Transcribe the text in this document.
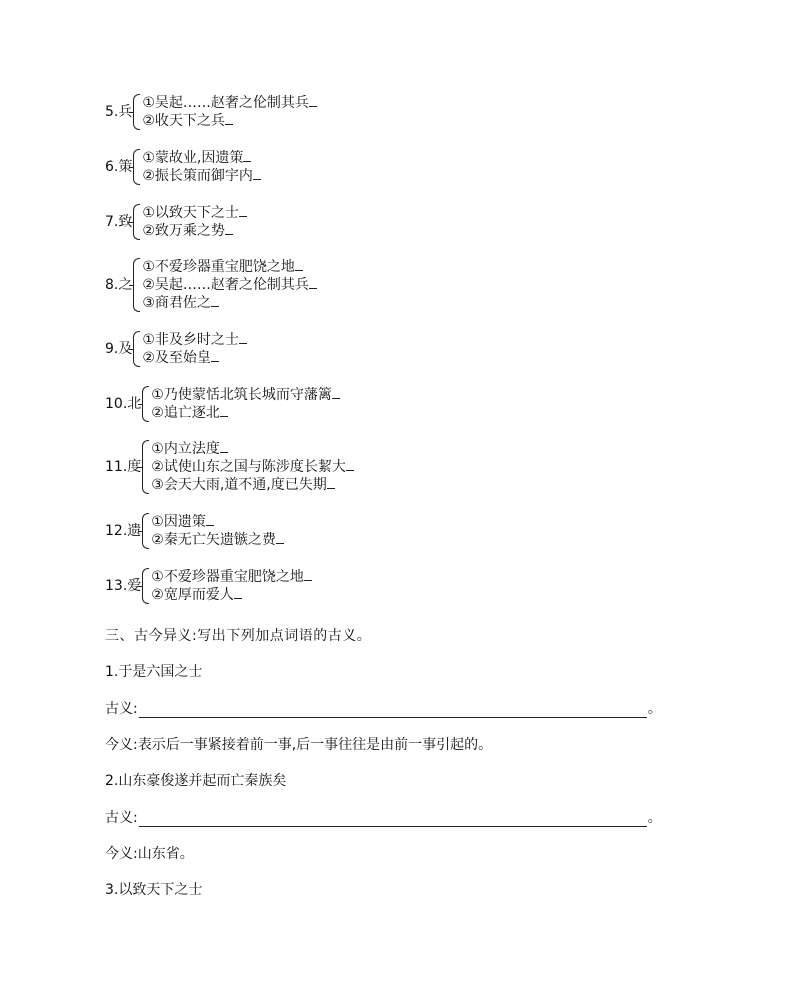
5.兵
①吴起……赵奢之伦制其兵
②收天下之兵
6.策
①蒙故业,因遗策
②振长策而御宇内
7.致
①以致天下之士
②致万乘之势
8.之
①不爱珍器重宝肥饶之地
②吴起……赵奢之伦制其兵
③商君佐之
9.及
①非及乡时之士
②及至始皇
10.北
①乃使蒙恬北筑长城而守藩篱
②追亡逐北
11.度
①内立法度
②试使山东之国与陈涉度长絜大
③会天大雨,道不通,度已失期
12.遗
①因遗策
②秦无亡矢遗镞之费
13.爱
①不爱珍器重宝肥饶之地
②宽厚而爱人
三、古今异义:写出下列加点词语的古义。
1.于是六国之士
古义:	。
今义:表示后一事紧接着前一事,后一事往往是由前一事引起的。
2.山东豪俊遂并起而亡秦族矣
古义:	。
今义:山东省。
3.以致天下之士
